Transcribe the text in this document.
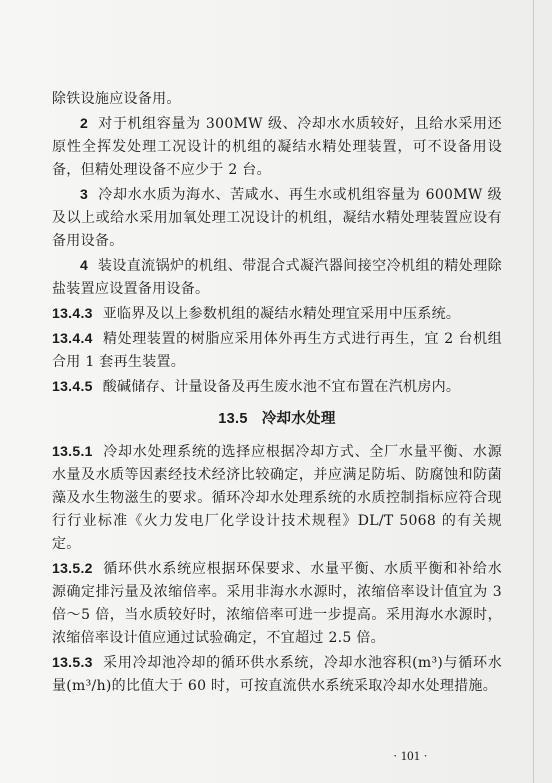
除铁设施应设备用。

2 对于机组容量为 300MW 级、冷却水水质较好，且给水采用还原性全挥发处理工况设计的机组的凝结水精处理装置，可不设备用设备，但精处理设备不应少于 2 台。

3 冷却水水质为海水、苦咸水、再生水或机组容量为 600MW 级及以上或给水采用加氧处理工况设计的机组，凝结水精处理装置应设有备用设备。

4 装设直流锅炉的机组、带混合式凝汽器间接空冷机组的精处理除盐装置应设置备用设备。

13.4.3 亚临界及以上参数机组的凝结水精处理宜采用中压系统。

13.4.4 精处理装置的树脂应采用体外再生方式进行再生，宜 2 台机组合用 1 套再生装置。

13.4.5 酸碱储存、计量设备及再生废水池不宜布置在汽机房内。

13.5 冷却水处理

13.5.1 冷却水处理系统的选择应根据冷却方式、全厂水量平衡、水源水量及水质等因素经技术经济比较确定，并应满足防垢、防腐蚀和防菌藻及水生物滋生的要求。循环冷却水处理系统的水质控制指标应符合现行行业标准《火力发电厂化学设计技术规程》DL/T 5068 的有关规定。

13.5.2 循环供水系统应根据环保要求、水量平衡、水质平衡和补给水源确定排污量及浓缩倍率。采用非海水水源时，浓缩倍率设计值宜为 3 倍～5 倍，当水质较好时，浓缩倍率可进一步提高。采用海水水源时，浓缩倍率设计值应通过试验确定，不宜超过 2.5 倍。

13.5.3 采用冷却池冷却的循环供水系统，冷却水池容积(m³)与循环水量(m³/h)的比值大于 60 时，可按直流供水系统采取冷却水处理措施。

· 101 ·
